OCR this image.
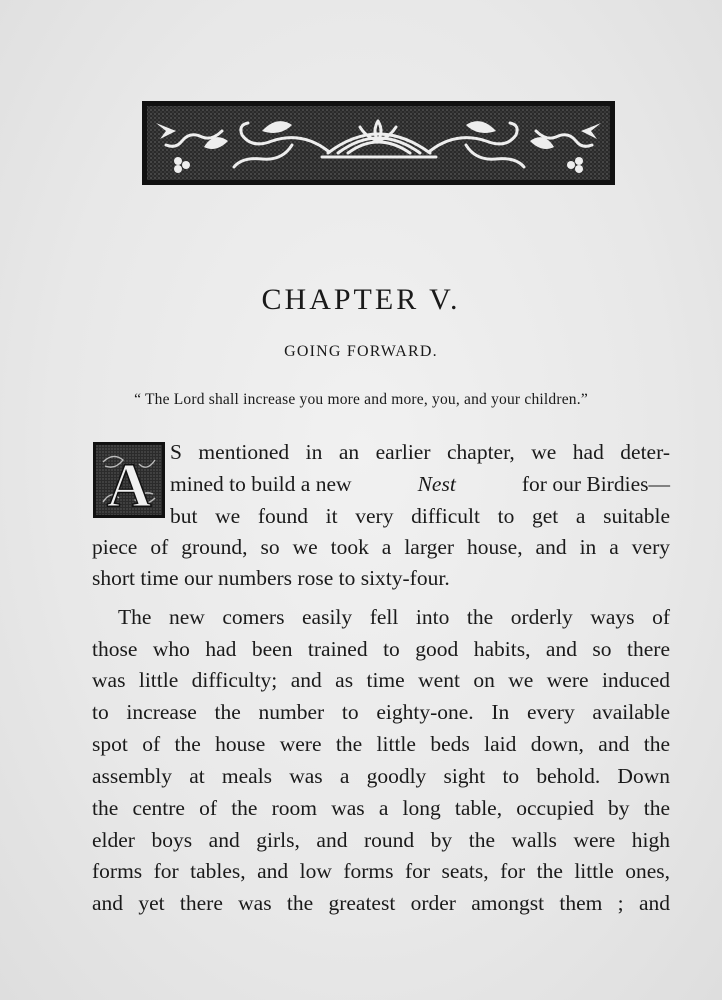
CHAPTER V.
GOING FORWARD.

“ The Lord shall increase you more and more, you, and your children.”

A S mentioned in an earlier chapter, we had deter-

mined to build a new	Nest	for our Birdies—

but we found it very difficult to get a suitable

piece of ground, so we took a larger house, and in a very

short time our numbers rose to sixty-four.

The new comers easily fell into the orderly ways of

those who had been trained to good habits, and so there

was little difficulty; and as time went on we were induced

to increase the number to eighty-one. In every available

spot of the house were the little beds laid down, and the

assembly at meals was a goodly sight to behold. Down

the centre of the room was a long table, occupied by the

elder boys and girls, and round by the walls were high

forms for tables, and low forms for seats, for the little ones,

and yet there was the greatest order amongst them ; and
